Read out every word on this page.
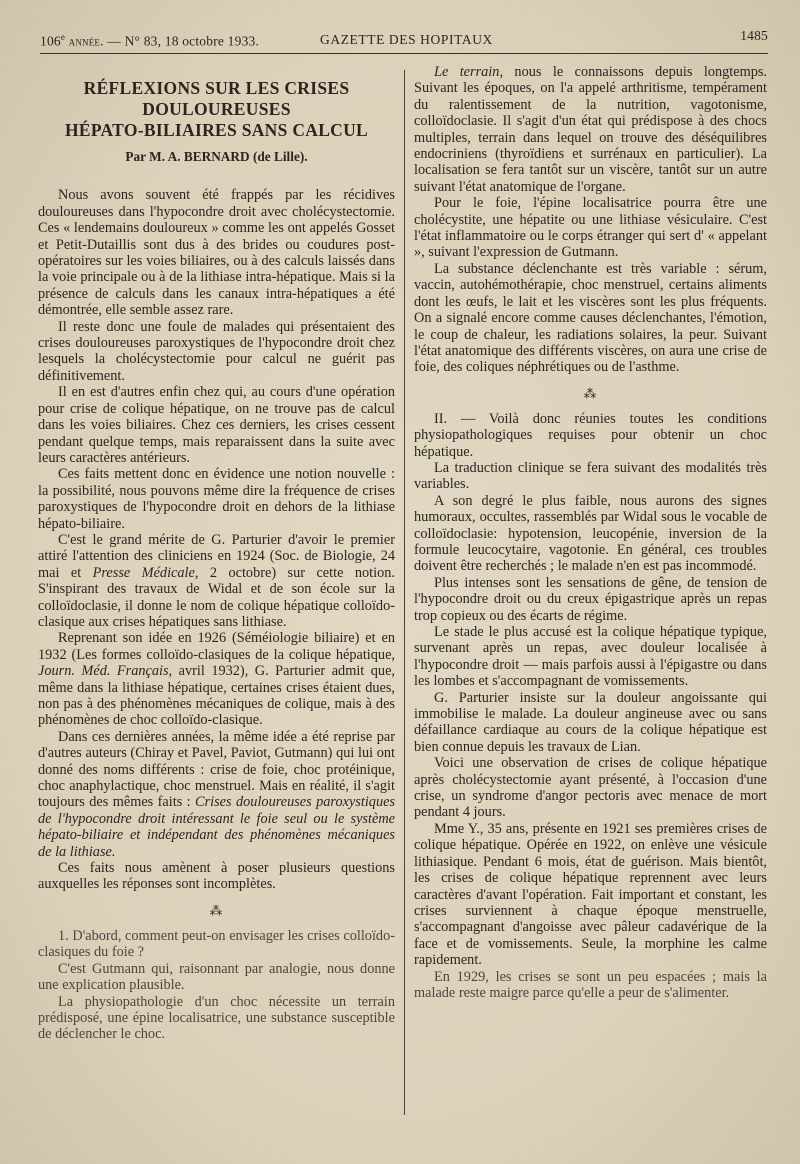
106e année. — N° 83, 18 octobre 1933.	GAZETTE DES HOPITAUX	1485
RÉFLEXIONS SUR LES CRISES DOULOUREUSES
HÉPATO-BILIAIRES SANS CALCUL
Par M. A. BERNARD (de Lille).

Nous avons souvent été frappés par les récidives douloureuses dans l'hypocondre droit avec cholécystectomie. Ces « lendemains douloureux » comme les ont appelés Gosset et Petit-Dutaillis sont dus à des brides ou coudures post-opératoires sur les voies biliaires, ou à des calculs laissés dans la voie principale ou à de la lithiase intra-hépatique. Mais si la présence de calculs dans les canaux intra-hépatiques a été démontrée, elle semble assez rare.

Il reste donc une foule de malades qui présentaient des crises douloureuses paroxystiques de l'hypocondre droit chez lesquels la cholécystectomie pour calcul ne guérit pas définitivement.

Il en est d'autres enfin chez qui, au cours d'une opération pour crise de colique hépatique, on ne trouve pas de calcul dans les voies biliaires. Chez ces derniers, les crises cessent pendant quelque temps, mais reparaissent dans la suite avec leurs caractères antérieurs.

Ces faits mettent donc en évidence une notion nouvelle : la possibilité, nous pouvons même dire la fréquence de crises paroxystiques de l'hypocondre droit en dehors de la lithiase hépato-biliaire.

C'est le grand mérite de G. Parturier d'avoir le premier attiré l'attention des cliniciens en 1924 (Soc. de Biologie, 24 mai et Presse Médicale, 2 octobre) sur cette notion. S'inspirant des travaux de Widal et de son école sur la colloïdoclasie, il donne le nom de colique hépatique colloïdo-clasique aux crises hépatiques sans lithiase.

Reprenant son idée en 1926 (Séméiologie biliaire) et en 1932 (Les formes colloïdo-clasiques de la colique hépatique, Journ. Méd. Français, avril 1932), G. Parturier admit que, même dans la lithiase hépatique, certaines crises étaient dues, non pas à des phénomènes mécaniques de colique, mais à des phénomènes de choc colloïdo-clasique.

Dans ces dernières années, la même idée a été reprise par d'autres auteurs (Chiray et Pavel, Paviot, Gutmann) qui lui ont donné des noms différents : crise de foie, choc protéinique, choc anaphylactique, choc menstruel. Mais en réalité, il s'agit toujours des mêmes faits : Crises douloureuses paroxystiques de l'hypocondre droit intéressant le foie seul ou le système hépato-biliaire et indépendant des phénomènes mécaniques de la lithiase.

Ces faits nous amènent à poser plusieurs questions auxquelles les réponses sont incomplètes.

⁂

1. D'abord, comment peut-on envisager les crises colloïdo-clasiques du foie ?

C'est Gutmann qui, raisonnant par analogie, nous donne une explication plausible.

La physiopathologie d'un choc nécessite un terrain prédisposé, une épine localisatrice, une substance susceptible de déclencher le choc.

Le terrain, nous le connaissons depuis longtemps. Suivant les époques, on l'a appelé arthritisme, tempérament du ralentissement de la nutrition, vagotonisme, colloïdoclasie. Il s'agit d'un état qui prédispose à des chocs multiples, terrain dans lequel on trouve des déséquilibres endocriniens (thyroïdiens et surrénaux en particulier). La localisation se fera tantôt sur un viscère, tantôt sur un autre suivant l'état anatomique de l'organe.

Pour le foie, l'épine localisatrice pourra être une cholécystite, une hépatite ou une lithiase vésiculaire. C'est l'état inflammatoire ou le corps étranger qui sert d' « appelant », suivant l'expression de Gutmann.

La substance déclenchante est très variable : sérum, vaccin, autohémothérapie, choc menstruel, certains aliments dont les œufs, le lait et les viscères sont les plus fréquents. On a signalé encore comme causes déclenchantes, l'émotion, le coup de chaleur, les radiations solaires, la peur. Suivant l'état anatomique des différents viscères, on aura une crise de foie, des coliques néphrétiques ou de l'asthme.

⁂

II. — Voilà donc réunies toutes les conditions physiopathologiques requises pour obtenir un choc hépatique.

La traduction clinique se fera suivant des modalités très variables.

A son degré le plus faible, nous aurons des signes humoraux, occultes, rassemblés par Widal sous le vocable de colloïdoclasie: hypotension, leucopénie, inversion de la formule leucocytaire, vagotonie. En général, ces troubles doivent être recherchés ; le malade n'en est pas incommodé.

Plus intenses sont les sensations de gêne, de tension de l'hypocondre droit ou du creux épigastrique après un repas trop copieux ou des écarts de régime.

Le stade le plus accusé est la colique hépatique typique, survenant après un repas, avec douleur localisée à l'hypocondre droit — mais parfois aussi à l'épigastre ou dans les lombes et s'accompagnant de vomissements.

G. Parturier insiste sur la douleur angoissante qui immobilise le malade. La douleur angineuse avec ou sans défaillance cardiaque au cours de la colique hépatique est bien connue depuis les travaux de Lian.

Voici une observation de crises de colique hépatique après cholécystectomie ayant présenté, à l'occasion d'une crise, un syndrome d'angor pectoris avec menace de mort pendant 4 jours.

Mme Y., 35 ans, présente en 1921 ses premières crises de colique hépatique. Opérée en 1922, on enlève une vésicule lithiasique. Pendant 6 mois, état de guérison. Mais bientôt, les crises de colique hépatique reprennent avec leurs caractères d'avant l'opération. Fait important et constant, les crises surviennent à chaque époque menstruelle, s'accompagnant d'angoisse avec pâleur cadavérique de la face et de vomissements. Seule, la morphine les calme rapidement.

En 1929, les crises se sont un peu espacées ; mais la malade reste maigre parce qu'elle a peur de s'alimenter.
